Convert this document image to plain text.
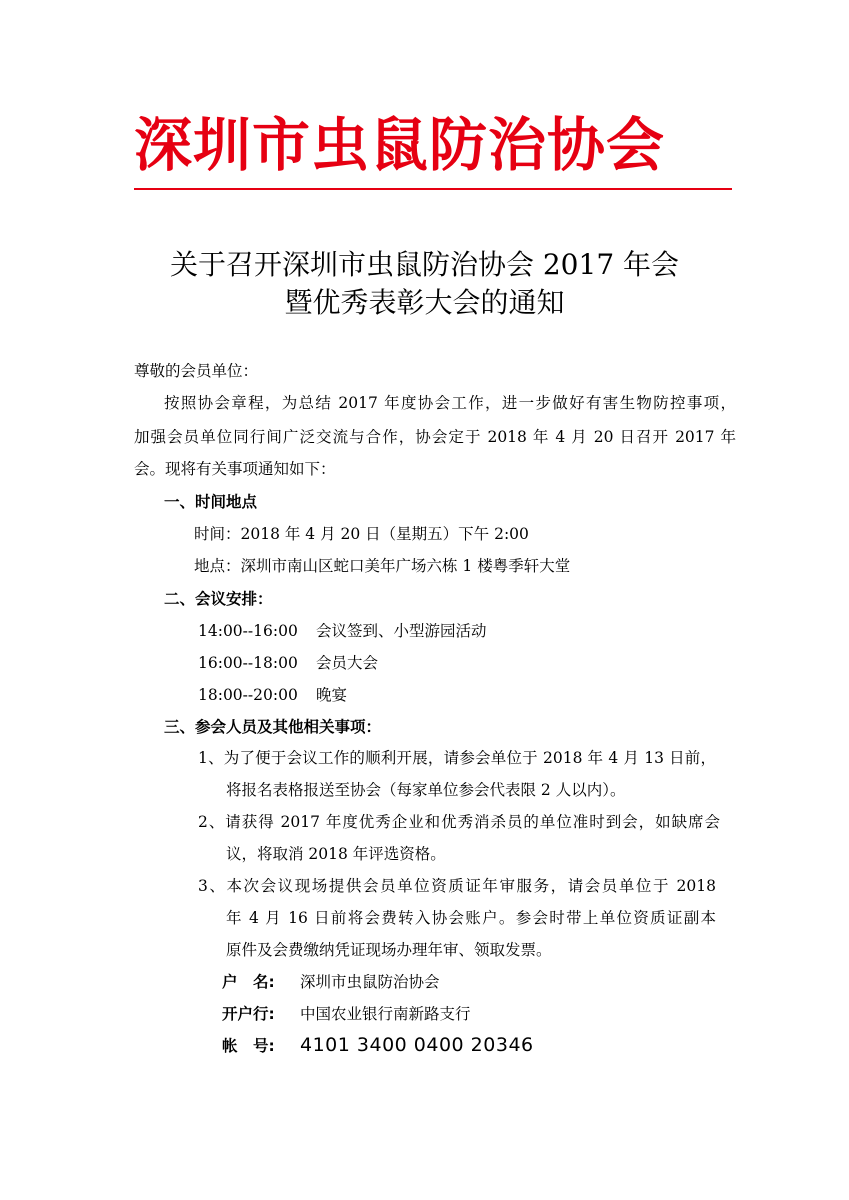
深圳市虫鼠防治协会
关于召开深圳市虫鼠防治协会 2017 年会
暨优秀表彰大会的通知
尊敬的会员单位：
按照协会章程，为总结 2017 年度协会工作，进一步做好有害生物防控事项，
加强会员单位同行间广泛交流与合作，协会定于 2018 年 4 月 20 日召开 2017 年
会。现将有关事项通知如下：
一、时间地点
时间：2018 年 4 月 20 日（星期五）下午 2:00
地点：深圳市南山区蛇口美年广场六栋 1 楼粤季轩大堂
二、会议安排：
14:00--16:00 会议签到、小型游园活动
16:00--18:00 会员大会
18:00--20:00 晚宴
三、参会人员及其他相关事项：
1、为了便于会议工作的顺利开展，请参会单位于 2018 年 4 月 13 日前，
将报名表格报送至协会（每家单位参会代表限 2 人以内）。
2、请获得 2017 年度优秀企业和优秀消杀员的单位准时到会，如缺席会
议，将取消 2018 年评选资格。
3、本次会议现场提供会员单位资质证年审服务，请会员单位于 2018
年 4 月 16 日前将会费转入协会账户。参会时带上单位资质证副本
原件及会费缴纳凭证现场办理年审、领取发票。
户　名: 深圳市虫鼠防治协会
开户行: 中国农业银行南新路支行
帐　号: 4101 3400 0400 20346
